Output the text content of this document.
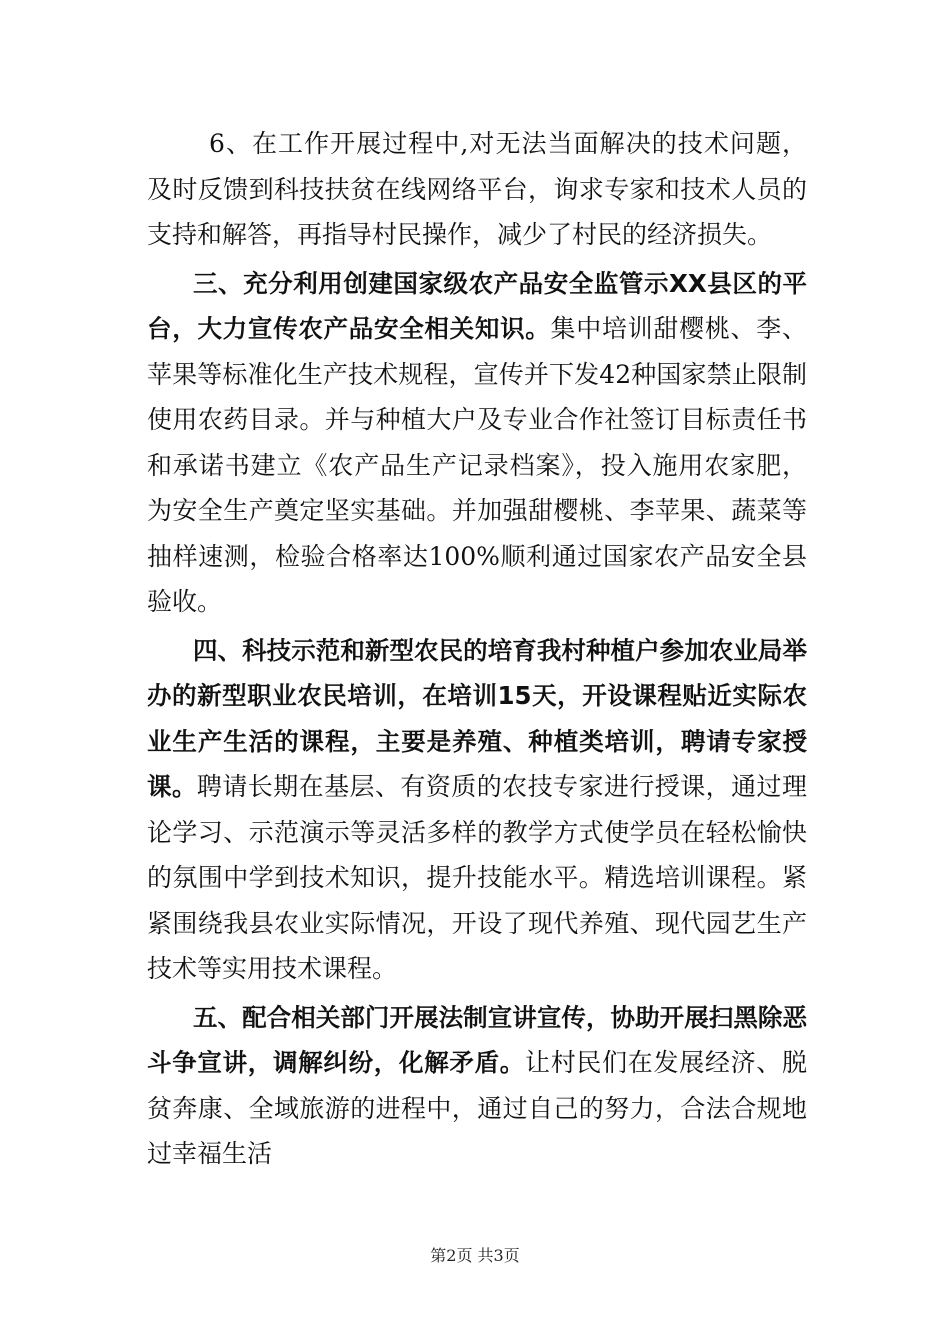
6、在工作开展过程中,对无法当面解决的技术问题，及时反馈到科技扶贫在线网络平台，询求专家和技术人员的支持和解答，再指导村民操作，减少了村民的经济损失。

三、充分利用创建国家级农产品安全监管示XX县区的平台，大力宣传农产品安全相关知识。集中培训甜樱桃、李、苹果等标准化生产技术规程，宣传并下发42种国家禁止限制使用农药目录。并与种植大户及专业合作社签订目标责任书和承诺书建立《农产品生产记录档案》，投入施用农家肥，为安全生产奠定坚实基础。并加强甜樱桃、李苹果、蔬菜等抽样速测，检验合格率达100%顺利通过国家农产品安全县验收。

四、科技示范和新型农民的培育我村种植户参加农业局举办的新型职业农民培训，在培训15天，开设课程贴近实际农业生产生活的课程，主要是养殖、种植类培训，聘请专家授课。聘请长期在基层、有资质的农技专家进行授课，通过理论学习、示范演示等灵活多样的教学方式使学员在轻松愉快的氛围中学到技术知识，提升技能水平。精选培训课程。紧紧围绕我县农业实际情况，开设了现代养殖、现代园艺生产技术等实用技术课程。

五、配合相关部门开展法制宣讲宣传，协助开展扫黑除恶斗争宣讲，调解纠纷，化解矛盾。让村民们在发展经济、脱贫奔康、全域旅游的进程中，通过自己的努力，合法合规地过幸福生活

第2页 共3页
